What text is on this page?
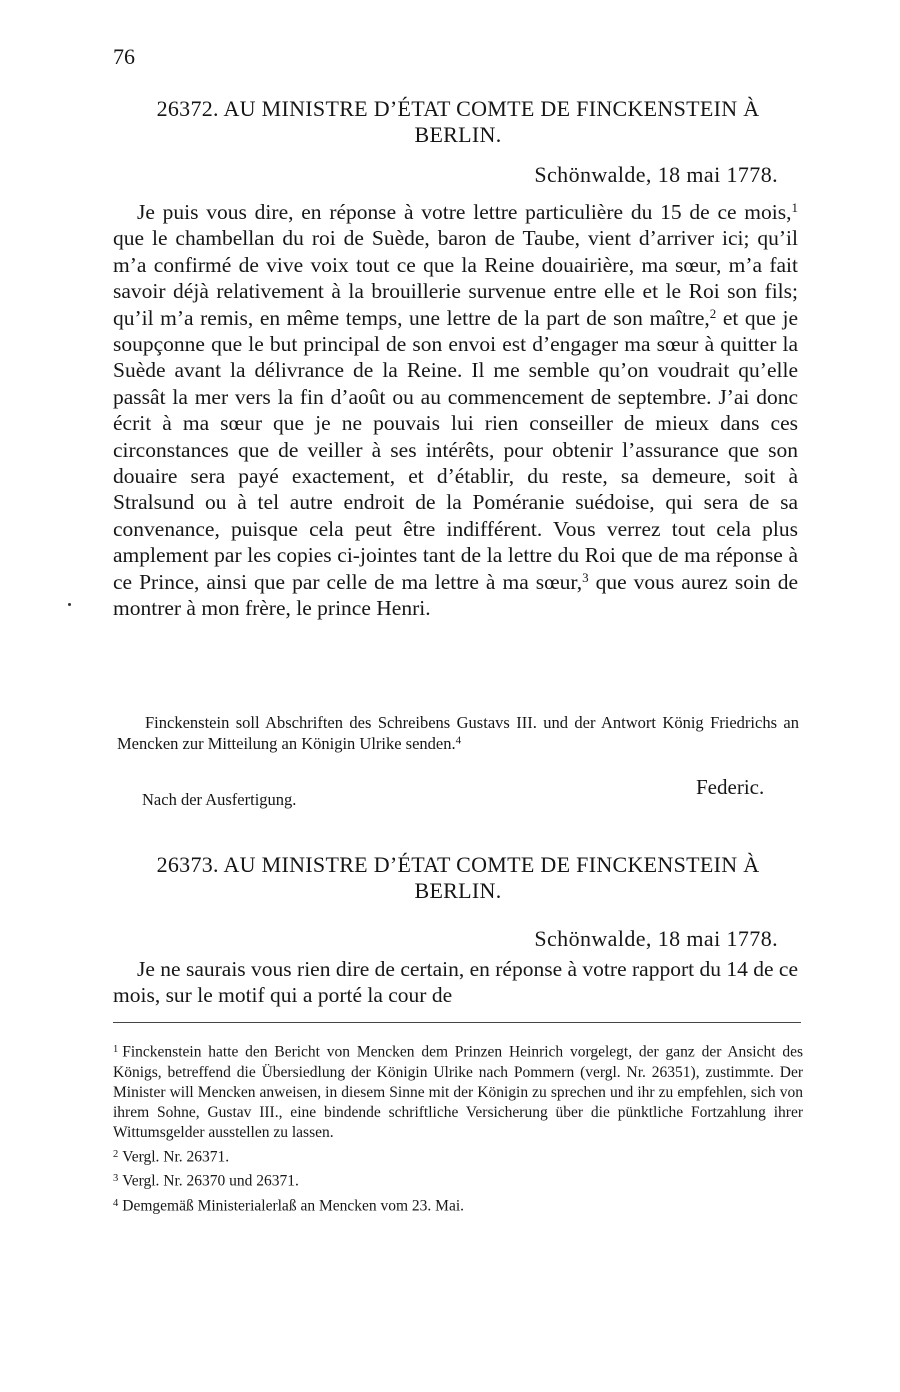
76
26372. AU MINISTRE D’ÉTAT COMTE DE FINCKENSTEIN À BERLIN.
Schönwalde, 18 mai 1778.

Je puis vous dire, en réponse à votre lettre particulière du 15 de ce mois,$^1$ que le chambellan du roi de Suède, baron de Taube, vient d’arriver ici; qu’il m’a confirmé de vive voix tout ce que la Reine douairière, ma sœur, m’a fait savoir déjà relativement à la brouillerie survenue entre elle et le Roi son fils; qu’il m’a remis, en même temps, une lettre de la part de son maître,$^2$ et que je soupçonne que le but principal de son envoi est d’engager ma sœur à quitter la Suède avant la délivrance de la Reine. Il me semble qu’on voudrait qu’elle passât la mer vers la fin d’août ou au commencement de septembre. J’ai donc écrit à ma sœur que je ne pouvais lui rien conseiller de mieux dans ces circonstances que de veiller à ses intérêts, pour obtenir l’assurance que son douaire sera payé exactement, et d’établir, du reste, sa demeure, soit à Stralsund ou à tel autre endroit de la Poméranie suédoise, qui sera de sa convenance, puisque cela peut être indifférent. Vous verrez tout cela plus amplement par les copies ci-jointes tant de la lettre du Roi que de ma réponse à ce Prince, ainsi que par celle de ma lettre à ma sœur,$^3$ que vous aurez soin de montrer à mon frère, le prince Henri.

Finckenstein soll Abschriften des Schreibens Gustavs III. und der Antwort König Friedrichs an Mencken zur Mitteilung an Königin Ulrike senden.$^4$

Federic.
Nach der Ausfertigung.
26373. AU MINISTRE D’ÉTAT COMTE DE FINCKENSTEIN À BERLIN.
Schönwalde, 18 mai 1778.

Je ne saurais vous rien dire de certain, en réponse à votre rapport du 14 de ce mois, sur le motif qui a porté la cour de

$^1$ Finckenstein hatte den Bericht von Mencken dem Prinzen Heinrich vorgelegt, der ganz der Ansicht des Königs, betreffend die Übersiedlung der Königin Ulrike nach Pommern (vergl. Nr. 26351), zustimmte. Der Minister will Mencken anweisen, in diesem Sinne mit der Königin zu sprechen und ihr zu empfehlen, sich von ihrem Sohne, Gustav III., eine bindende schriftliche Versicherung über die pünktliche Fortzahlung ihrer Wittumsgelder ausstellen zu lassen.
$^2$ Vergl. Nr. 26371.
$^3$ Vergl. Nr. 26370 und 26371.
$^4$ Demgemäß Ministerialerlaß an Mencken vom 23. Mai.
